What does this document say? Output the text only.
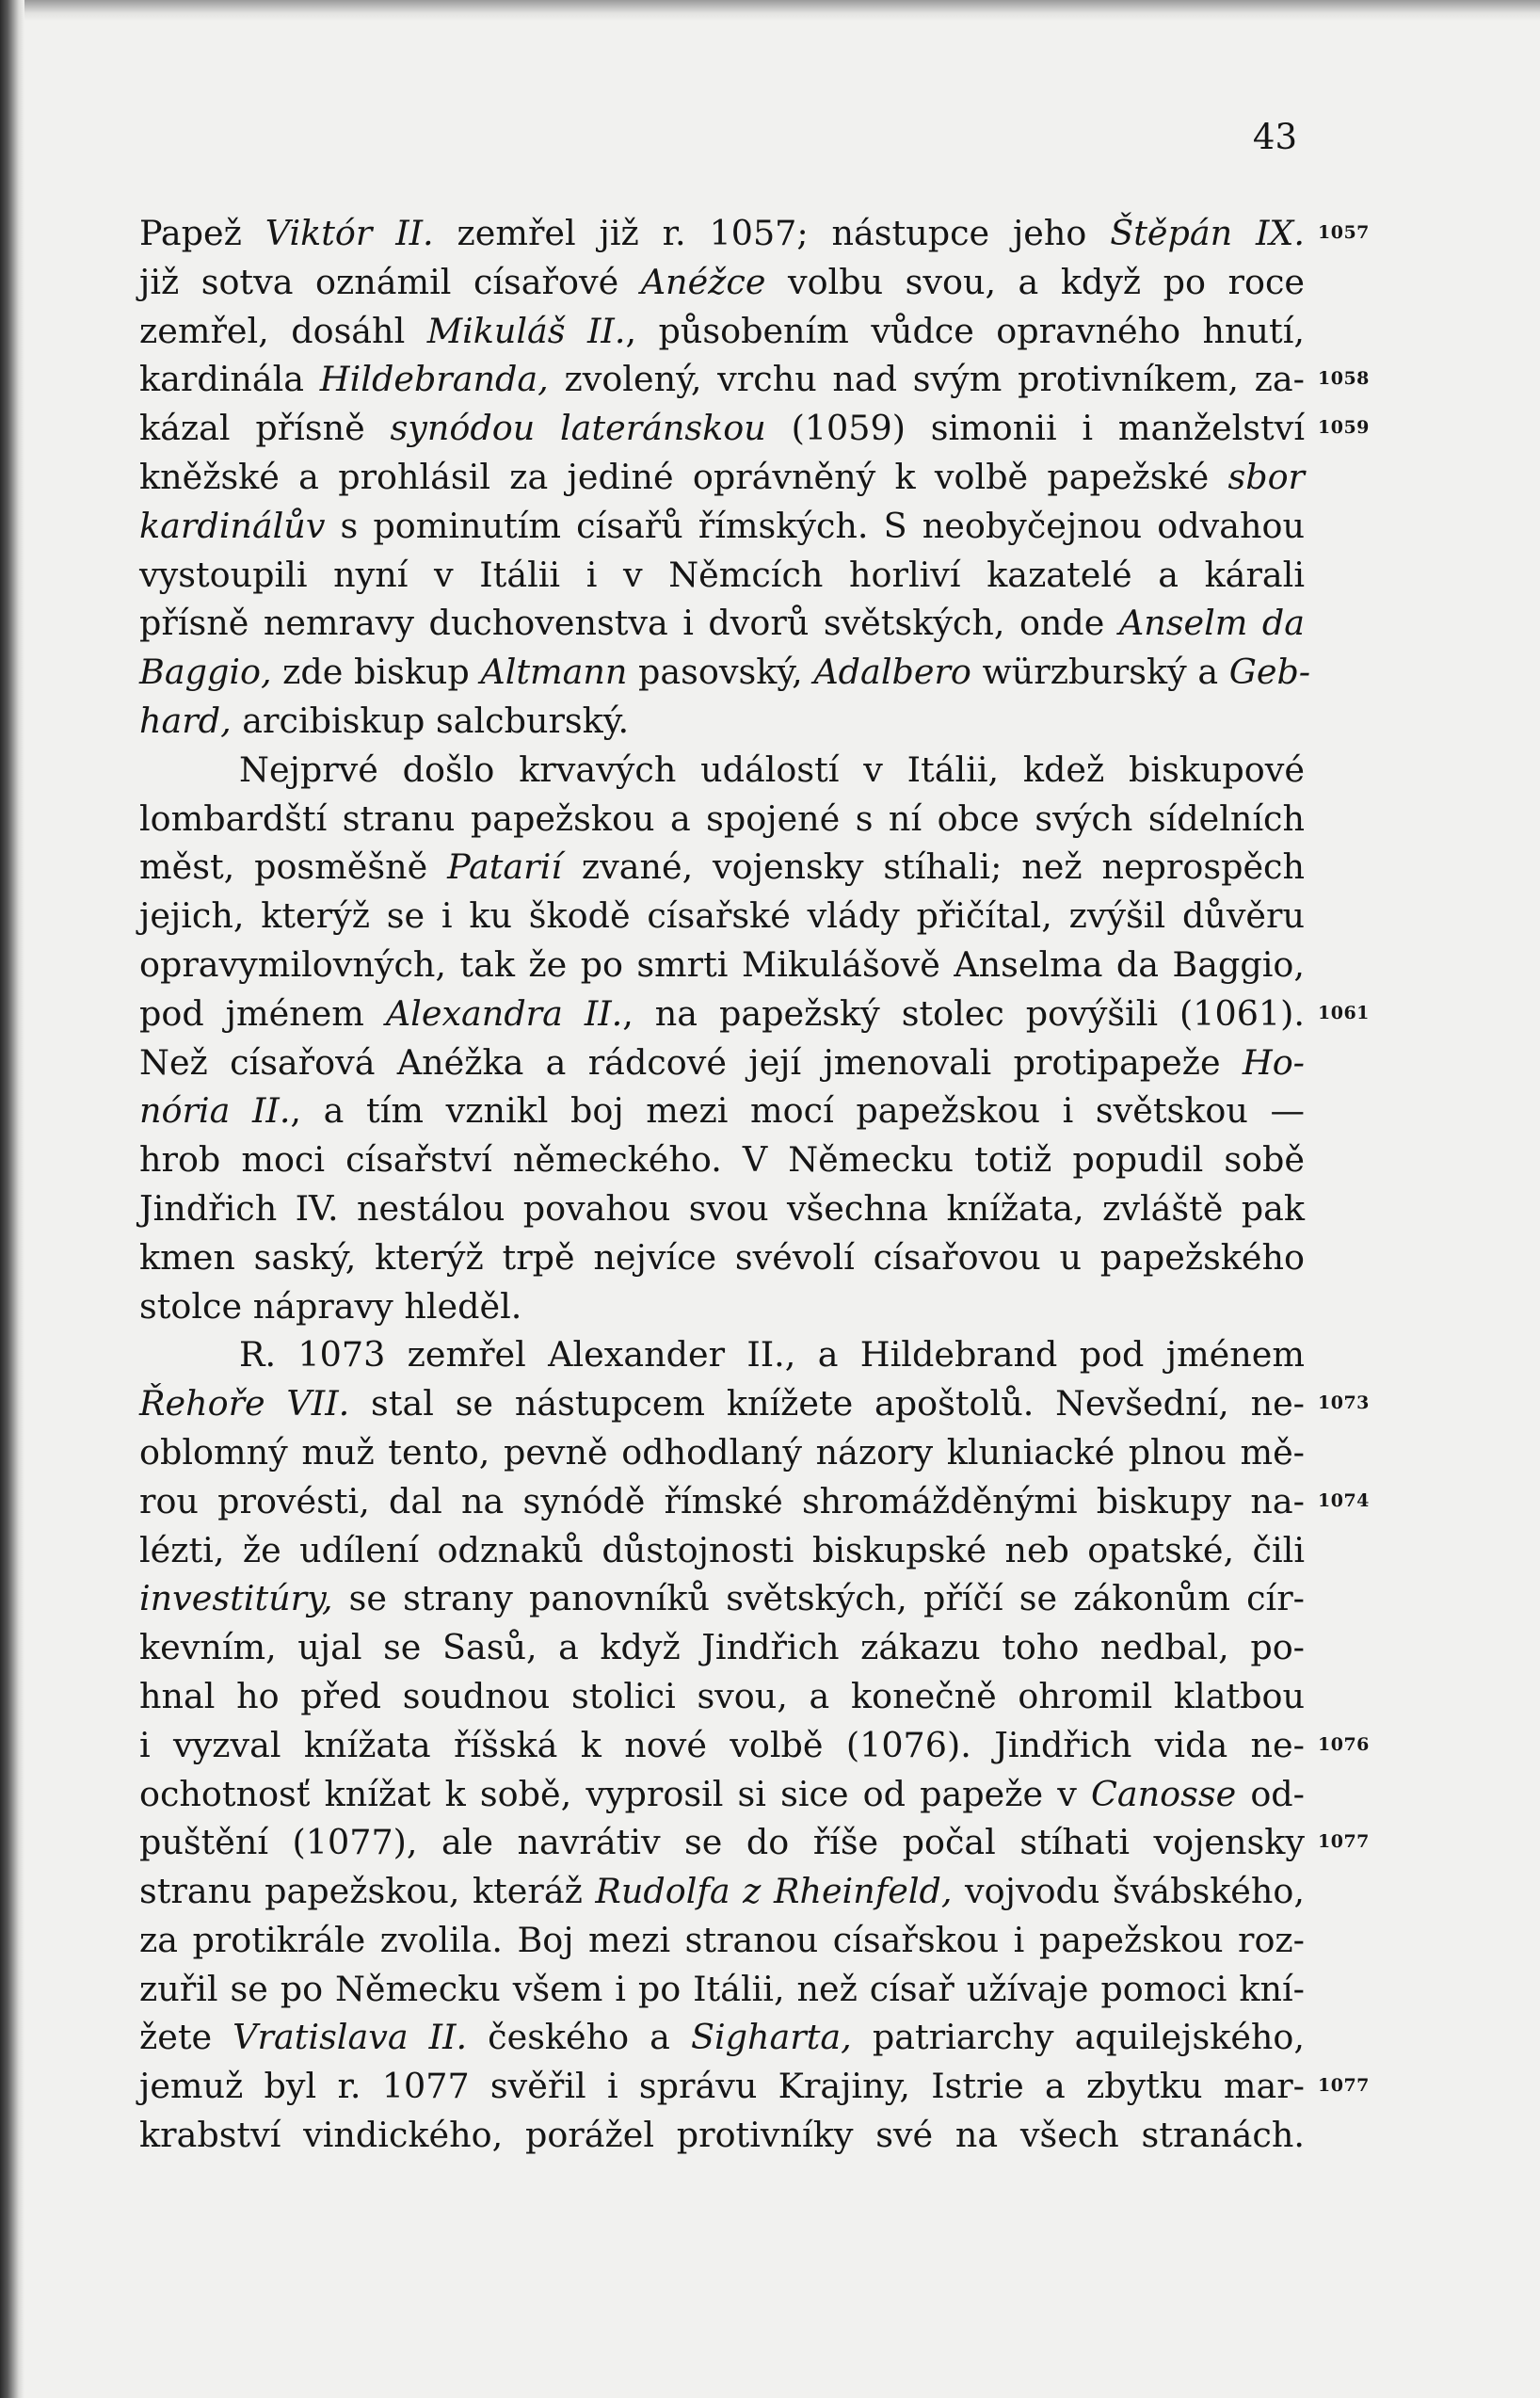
43
Papež Viktór II. zemřel již r. 1057; nástupce jeho Štěpán IX.
již sotva oznámil císařové Anéžce volbu svou, a když po roce
zemřel, dosáhl Mikuláš II., působením vůdce opravného hnutí,
kardinála Hildebranda, zvolený, vrchu nad svým protivníkem, za-
kázal přísně synódou lateránskou (1059) simonii i manželství
kněžské a prohlásil za jediné oprávněný k volbě papežské sbor
kardinálův s pominutím císařů římských. S neobyčejnou odvahou
vystoupili nyní v Itálii i v Němcích horliví kazatelé a kárali
přísně nemravy duchovenstva i dvorů světských, onde Anselm da
Baggio, zde biskup Altmann pasovský, Adalbero würzburský a Geb-
hard, arcibiskup salcburský.
Nejprvé došlo krvavých událostí v Itálii, kdež biskupové
lombardští stranu papežskou a spojené s ní obce svých sídelních
měst, posměšně Patarií zvané, vojensky stíhali; než neprospěch
jejich, kterýž se i ku škodě císařské vlády přičítal, zvýšil důvěru
opravymilovných, tak že po smrti Mikulášově Anselma da Baggio,
pod jménem Alexandra II., na papežský stolec povýšili (1061).
Než císařová Anéžka a rádcové její jmenovali protipapeže Ho-
nória II., a tím vznikl boj mezi mocí papežskou i světskou —
hrob moci císařství německého. V Německu totiž popudil sobě
Jindřich IV. nestálou povahou svou všechna knížata, zvláště pak
kmen saský, kterýž trpě nejvíce svévolí císařovou u papežského
stolce nápravy hleděl.
R. 1073 zemřel Alexander II., a Hildebrand pod jménem
Řehoře VII. stal se nástupcem knížete apoštolů. Nevšední, ne-
oblomný muž tento, pevně odhodlaný názory kluniacké plnou mě-
rou provésti, dal na synódě římské shromážděnými biskupy na-
lézti, že udílení odznaků důstojnosti biskupské neb opatské, čili
investitúry, se strany panovníků světských, příčí se zákonům cír-
kevním, ujal se Sasů, a když Jindřich zákazu toho nedbal, po-
hnal ho před soudnou stolici svou, a konečně ohromil klatbou
i vyzval knížata říšská k nové volbě (1076). Jindřich vida ne-
ochotnosť knížat k sobě, vyprosil si sice od papeže v Canosse od-
puštění (1077), ale navrátiv se do říše počal stíhati vojensky
stranu papežskou, kteráž Rudolfa z Rheinfeld, vojvodu švábského,
za protikrále zvolila. Boj mezi stranou císařskou i papežskou roz-
zuřil se po Německu všem i po Itálii, než císař užívaje pomoci kní-
žete Vratislava II. českého a Sigharta, patriarchy aquilejského,
jemuž byl r. 1077 svěřil i správu Krajiny, Istrie a zbytku mar-
krabství vindického, porážel protivníky své na všech stranách.
1057
1058
1059
1061
1073
1074
1076
1077
1077
